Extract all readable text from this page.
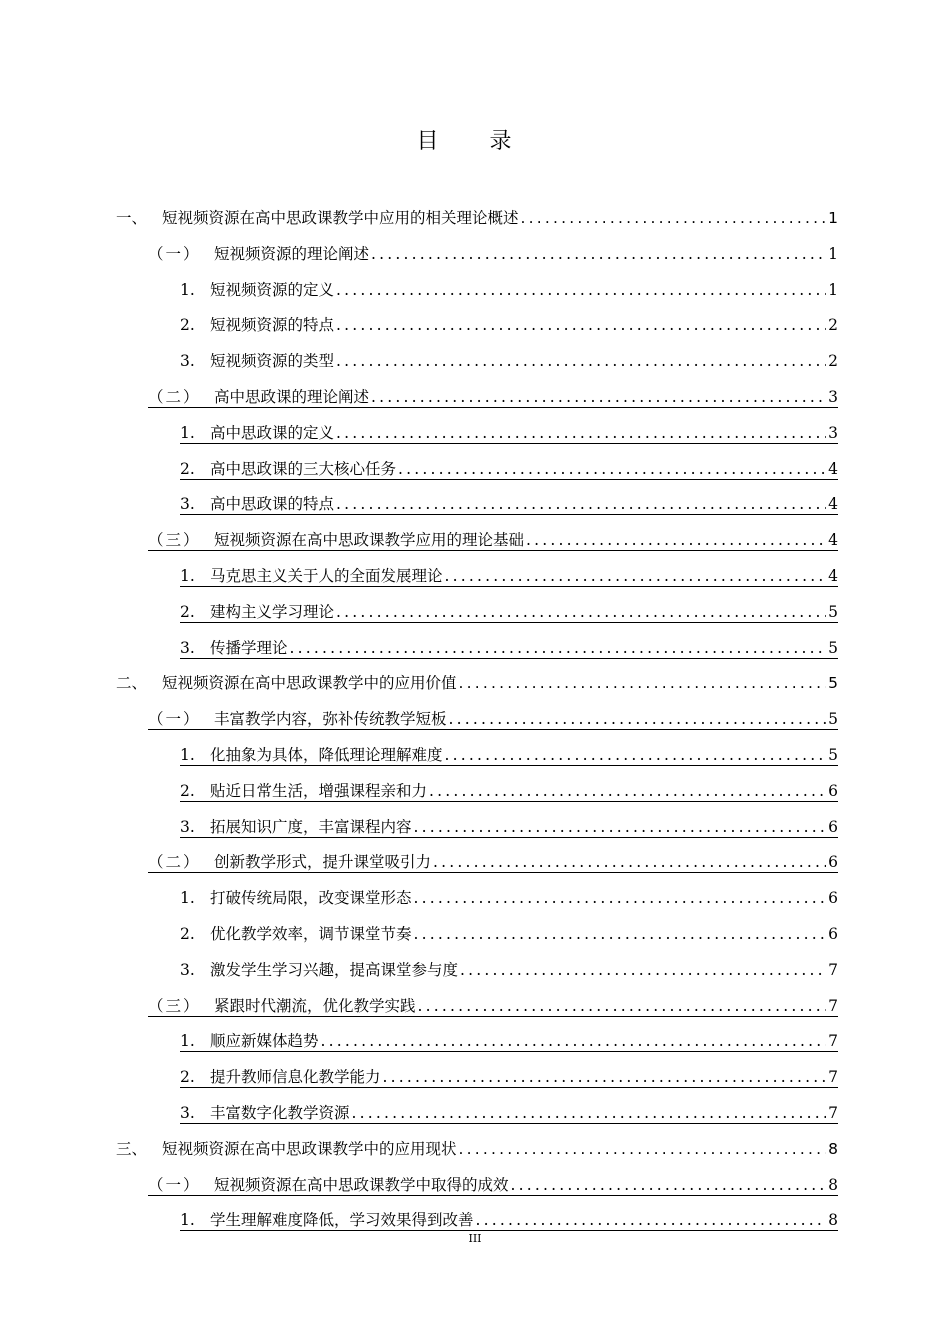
目 录
一、 短视频资源在高中思政课教学中应用的相关理论概述 .....	1
（一） 短视频资源的理论阐述 .....	1
1. 短视频资源的定义 .....	1
2. 短视频资源的特点 .....	2
3. 短视频资源的类型 .....	2
（二） 高中思政课的理论阐述 .....	3
1. 高中思政课的定义 .....	3
2. 高中思政课的三大核心任务 .....	4
3. 高中思政课的特点 .....	4
（三） 短视频资源在高中思政课教学应用的理论基础 .....	4
1. 马克思主义关于人的全面发展理论 .....	4
2. 建构主义学习理论 .....	5
3. 传播学理论 .....	5
二、 短视频资源在高中思政课教学中的应用价值 .....	5
（一） 丰富教学内容，弥补传统教学短板 .....	5
1. 化抽象为具体，降低理论理解难度 .....	5
2. 贴近日常生活，增强课程亲和力 .....	6
3. 拓展知识广度，丰富课程内容 .....	6
（二） 创新教学形式，提升课堂吸引力 .....	6
1. 打破传统局限，改变课堂形态 .....	6
2. 优化教学效率，调节课堂节奏 .....	6
3. 激发学生学习兴趣，提高课堂参与度 .....	7
（三） 紧跟时代潮流，优化教学实践 .....	7
1. 顺应新媒体趋势 .....	7
2. 提升教师信息化教学能力 .....	7
3. 丰富数字化教学资源 .....	7
三、 短视频资源在高中思政课教学中的应用现状 .....	8
（一） 短视频资源在高中思政课教学中取得的成效 .....	8
1. 学生理解难度降低，学习效果得到改善 .....	8
III
